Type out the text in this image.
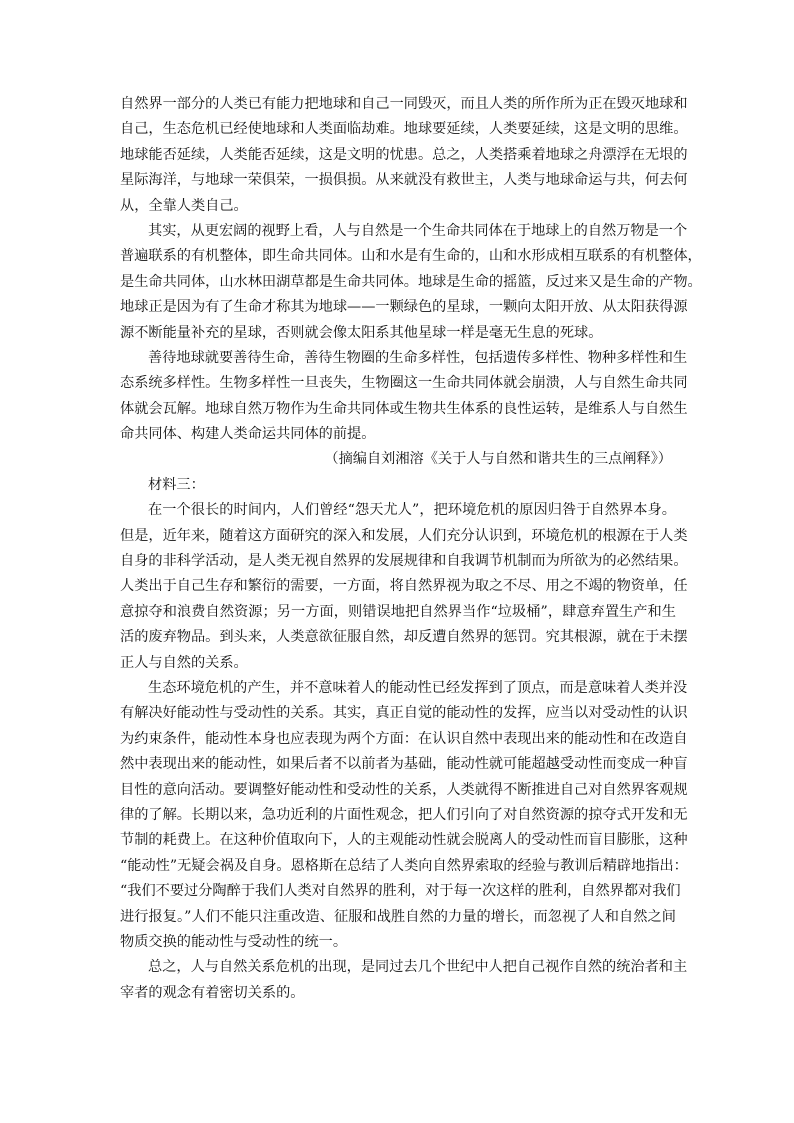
自然界一部分的人类已有能力把地球和自己一同毁灭，而且人类的所作所为正在毁灭地球和
自己，生态危机已经使地球和人类面临劫难。地球要延续，人类要延续，这是文明的思维。
地球能否延续，人类能否延续，这是文明的忧患。总之，人类搭乘着地球之舟漂浮在无垠的
星际海洋，与地球一荣俱荣，一损俱损。从来就没有救世主，人类与地球命运与共，何去何
从，全靠人类自己。
其实，从更宏阔的视野上看，人与自然是一个生命共同体在于地球上的自然万物是一个
普遍联系的有机整体，即生命共同体。山和水是有生命的，山和水形成相互联系的有机整体，
是生命共同体，山水林田湖草都是生命共同体。地球是生命的摇篮，反过来又是生命的产物。
地球正是因为有了生命才称其为地球——一颗绿色的星球，一颗向太阳开放、从太阳获得源
源不断能量补充的星球，否则就会像太阳系其他星球一样是毫无生息的死球。
善待地球就要善待生命，善待生物圈的生命多样性，包括遗传多样性、物种多样性和生
态系统多样性。生物多样性一旦丧失，生物圈这一生命共同体就会崩溃，人与自然生命共同
体就会瓦解。地球自然万物作为生命共同体或生物共生体系的良性运转，是维系人与自然生
命共同体、构建人类命运共同体的前提。
（摘编自刘湘溶《关于人与自然和谐共生的三点阐释》）
材料三：
在一个很长的时间内，人们曾经“怨天尤人”，把环境危机的原因归咎于自然界本身。
但是，近年来，随着这方面研究的深入和发展，人们充分认识到，环境危机的根源在于人类
自身的非科学活动，是人类无视自然界的发展规律和自我调节机制而为所欲为的必然结果。
人类出于自己生存和繁衍的需要，一方面，将自然界视为取之不尽、用之不竭的物资单，任
意掠夺和浪费自然资源；另一方面，则错误地把自然界当作“垃圾桶”，肆意弃置生产和生
活的废弃物品。到头来，人类意欲征服自然，却反遭自然界的惩罚。究其根源，就在于未摆
正人与自然的关系。
生态环境危机的产生，并不意味着人的能动性已经发挥到了顶点，而是意味着人类并没
有解决好能动性与受动性的关系。其实，真正自觉的能动性的发挥，应当以对受动性的认识
为约束条件，能动性本身也应表现为两个方面：在认识自然中表现出来的能动性和在改造自
然中表现出来的能动性，如果后者不以前者为基础，能动性就可能超越受动性而变成一种盲
目性的意向活动。要调整好能动性和受动性的关系，人类就得不断推进自己对自然界客观规
律的了解。长期以来，急功近利的片面性观念，把人们引向了对自然资源的掠夺式开发和无
节制的耗费上。在这种价值取向下，人的主观能动性就会脱离人的受动性而盲目膨胀，这种
“能动性”无疑会祸及自身。恩格斯在总结了人类向自然界索取的经验与教训后精辟地指出：
“我们不要过分陶醉于我们人类对自然界的胜利，对于每一次这样的胜利，自然界都对我们
进行报复。”人们不能只注重改造、征服和战胜自然的力量的增长，而忽视了人和自然之间
物质交换的能动性与受动性的统一。
总之，人与自然关系危机的出现，是同过去几个世纪中人把自己视作自然的统治者和主
宰者的观念有着密切关系的。
